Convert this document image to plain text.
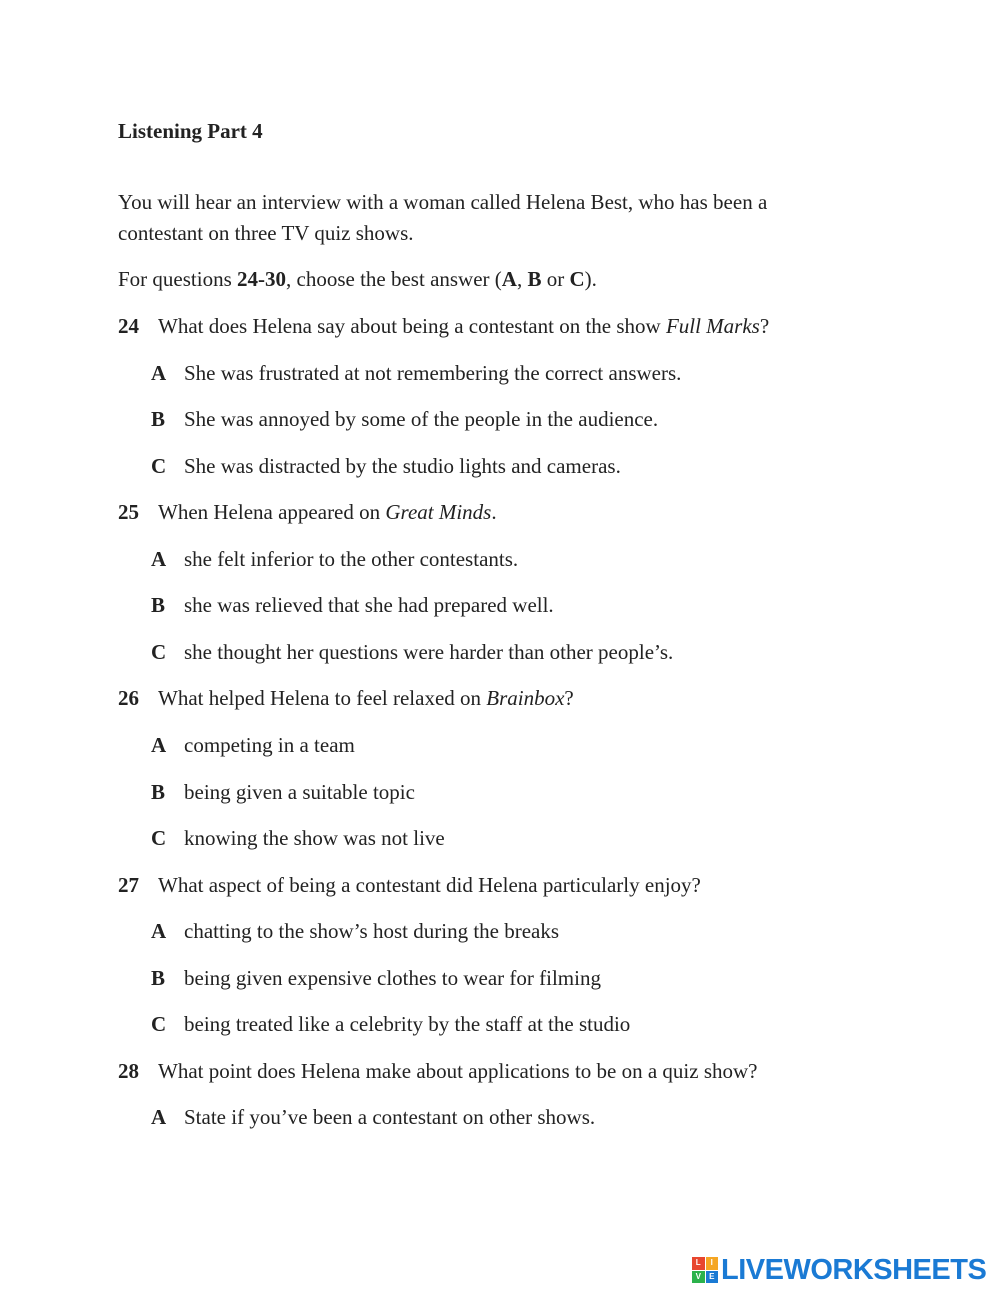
Listening Part 4
You will hear an interview with a woman called Helena Best, who has been a
contestant on three TV quiz shows.
For questions 24-30, choose the best answer (A, B or C).
24 What does Helena say about being a contestant on the show Full Marks?
A She was frustrated at not remembering the correct answers.
B She was annoyed by some of the people in the audience.
C She was distracted by the studio lights and cameras.
25 When Helena appeared on Great Minds.
A she felt inferior to the other contestants.
B she was relieved that she had prepared well.
C she thought her questions were harder than other people’s.
26 What helped Helena to feel relaxed on Brainbox?
A competing in a team
B being given a suitable topic
C knowing the show was not live
27 What aspect of being a contestant did Helena particularly enjoy?
A chatting to the show’s host during the breaks
B being given expensive clothes to wear for filming
C being treated like a celebrity by the staff at the studio
28 What point does Helena make about applications to be on a quiz show?
A State if you’ve been a contestant on other shows.
L	I
V	E LIVEWORKSHEETS
